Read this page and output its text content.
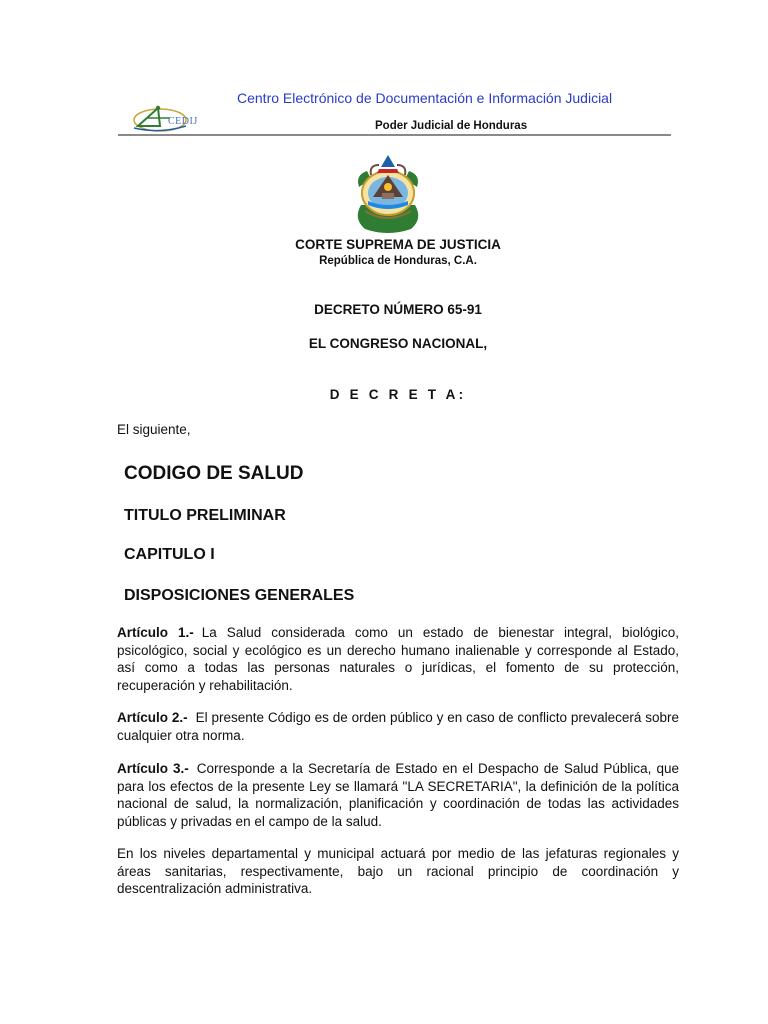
CEDIJ
Centro Electrónico de Documentación e Información Judicial
Poder Judicial de Honduras
CORTE SUPREMA DE JUSTICIA
República de Honduras, C.A.
DECRETO NÚMERO 65-91
EL CONGRESO NACIONAL,
D E C R E T A:
El siguiente,
CODIGO DE SALUD
TITULO PRELIMINAR
CAPITULO I
DISPOSICIONES GENERALES

Artículo 1.- La Salud considerada como un estado de bienestar integral, biológico, psicológico, social y ecológico es un derecho humano inalienable y corresponde al Estado, así como a todas las personas naturales o jurídicas, el fomento de su protección, recuperación y rehabilitación.

Artículo 2.- El presente Código es de orden público y en caso de conflicto prevalecerá sobre cualquier otra norma.

Artículo 3.- Corresponde a la Secretaría de Estado en el Despacho de Salud Pública, que para los efectos de la presente Ley se llamará "LA SECRETARIA", la definición de la política nacional de salud, la normalización, planificación y coordinación de todas las actividades públicas y privadas en el campo de la salud.

En los niveles departamental y municipal actuará por medio de las jefaturas regionales y áreas sanitarias, respectivamente, bajo un racional principio de coordinación y descentralización administrativa.
